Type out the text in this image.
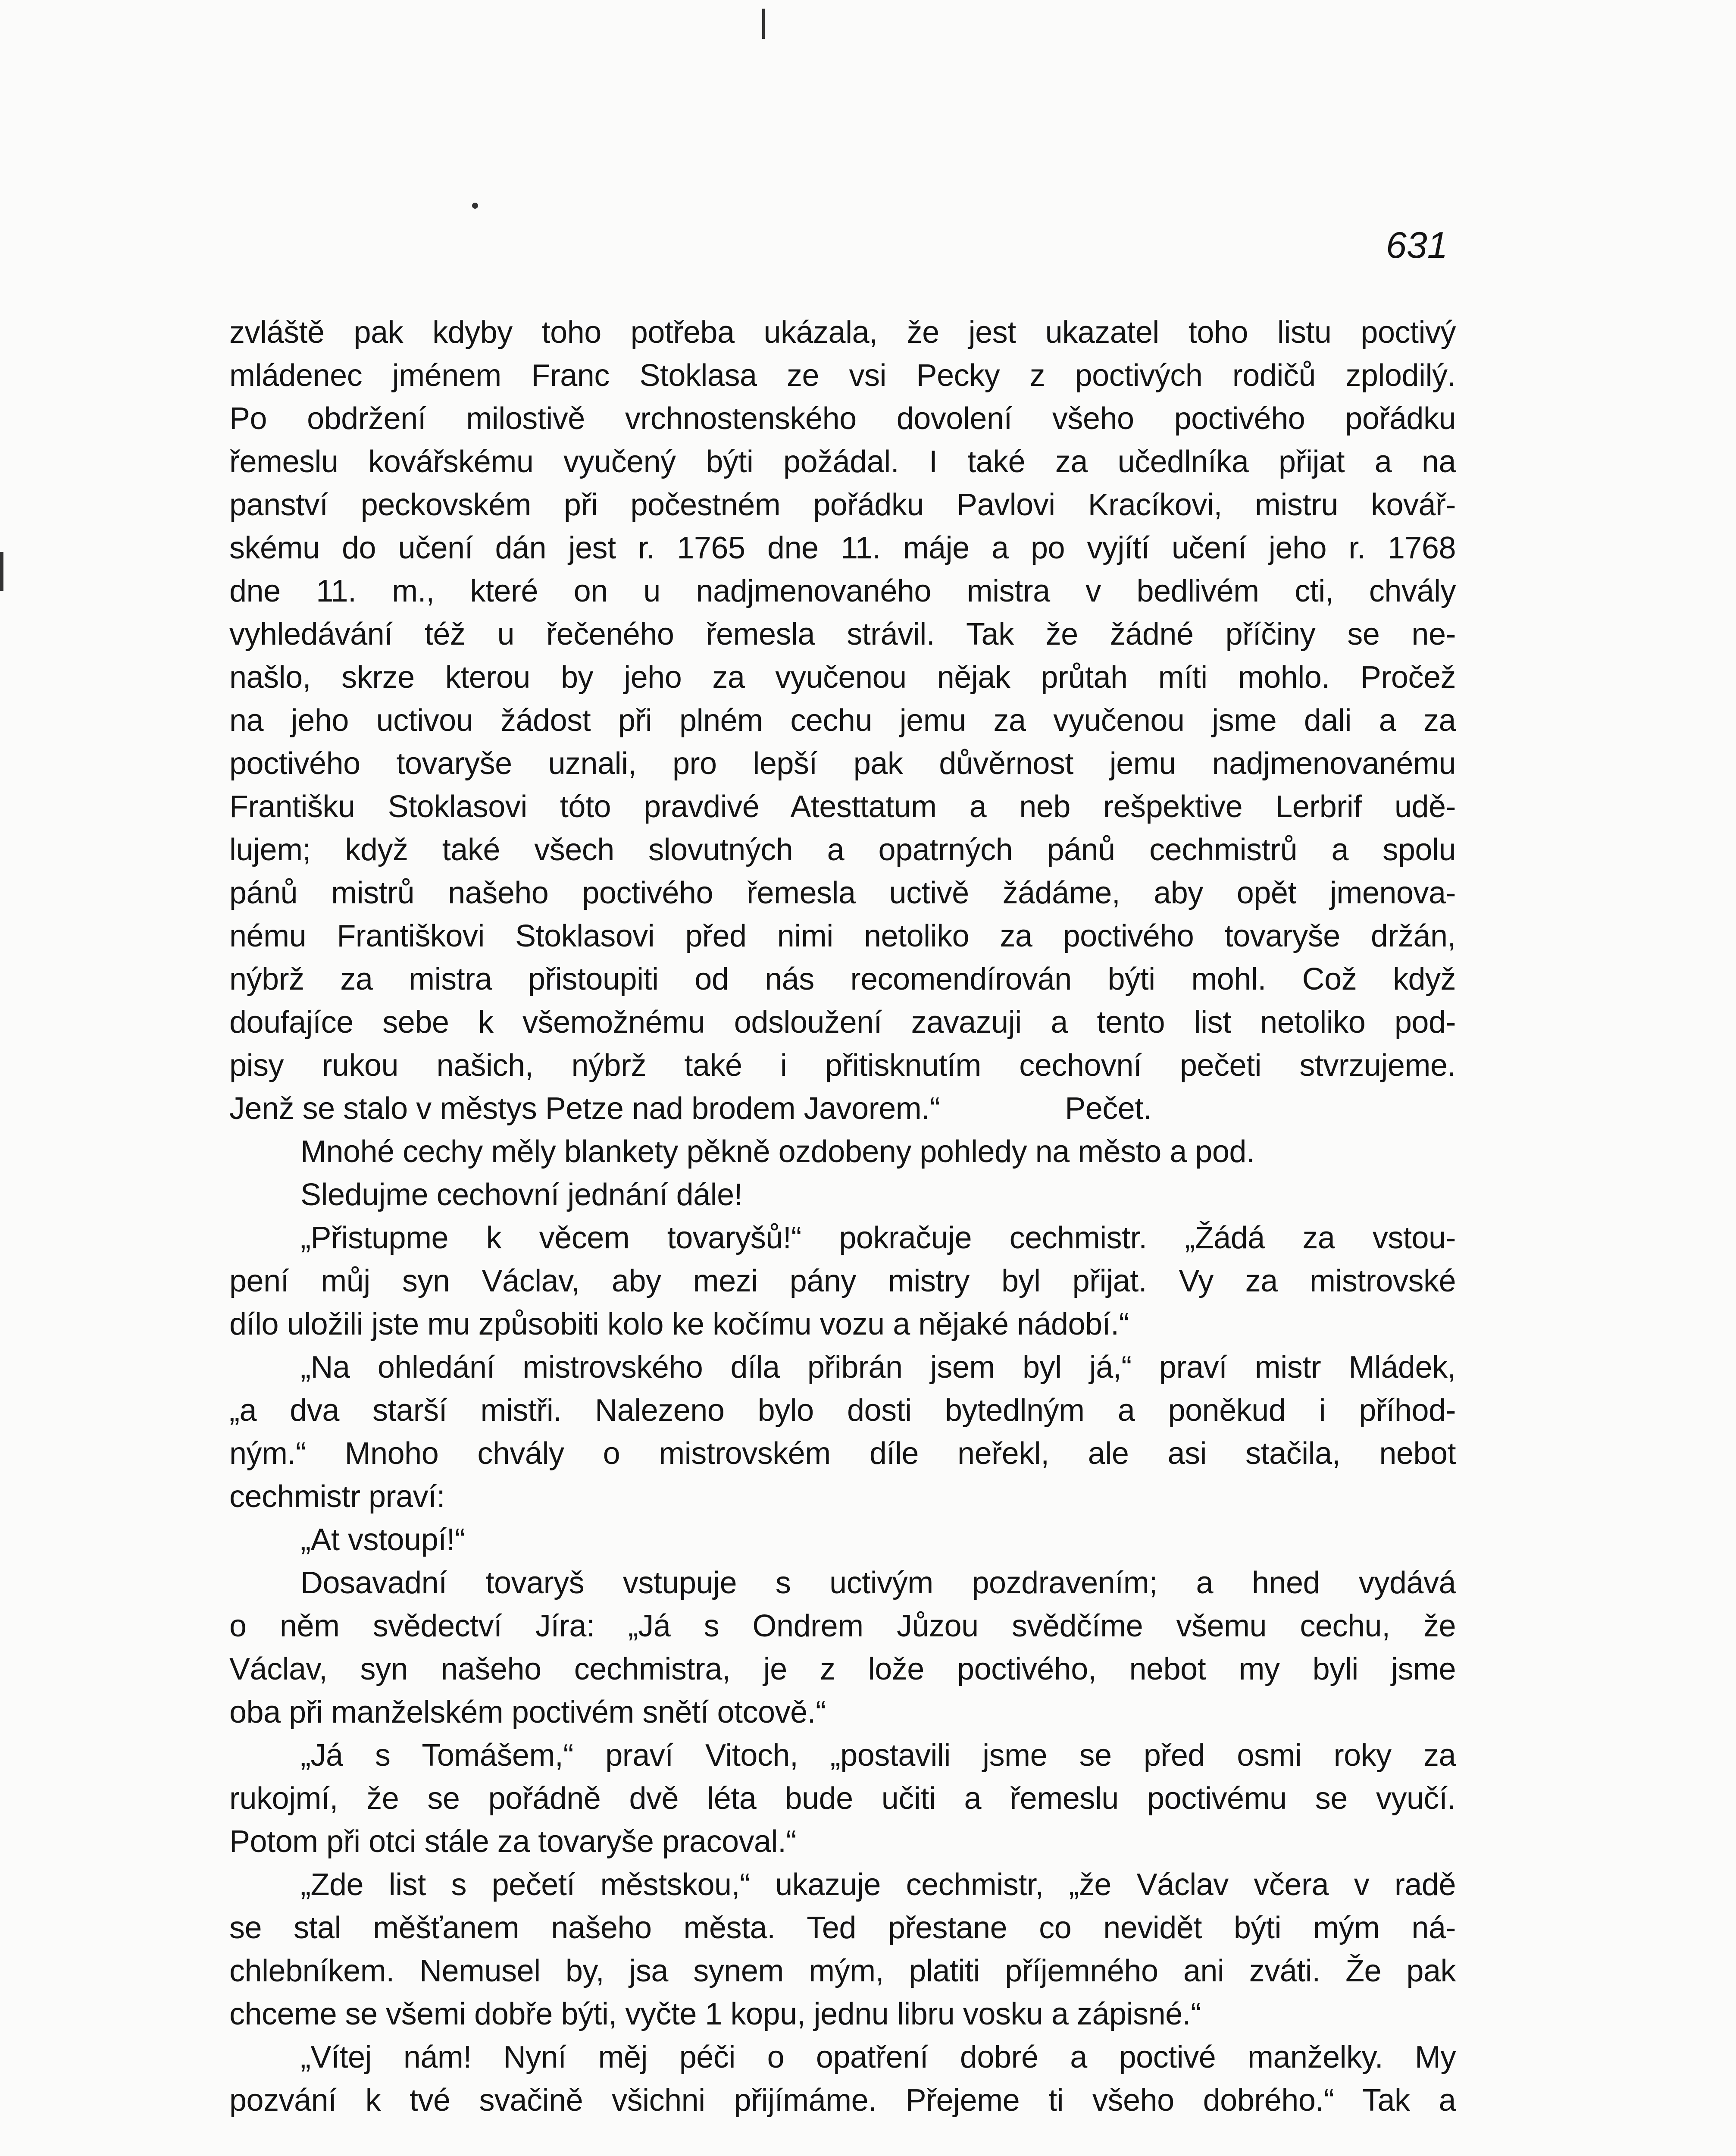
631
zvláště pak kdyby toho potřeba ukázala, že jest ukazatel toho listu poctivý
mládenec jménem Franc Stoklasa ze vsi Pecky z poctivých rodičů zplodilý.
Po obdržení milostivě vrchnostenského dovolení všeho poctivého pořádku
řemeslu kovářskému vyučený býti požádal. I také za učedlníka přijat a na
panství peckovském při počestném pořádku Pavlovi Kracíkovi, mistru kovář-
skému do učení dán jest r. 1765 dne 11. máje a po vyjítí učení jeho r. 1768
dne 11. m., které on u nadjmenovaného mistra v bedlivém cti, chvály
vyhledávání též u řečeného řemesla strávil. Tak že žádné příčiny se ne-
našlo, skrze kterou by jeho za vyučenou nějak průtah míti mohlo. Pročež
na jeho uctivou žádost při plném cechu jemu za vyučenou jsme dali a za
poctivého tovaryše uznali, pro lepší pak důvěrnost jemu nadjmenovanému
Františku Stoklasovi tóto pravdivé Atesttatum a neb rešpektive Lerbrif udě-
lujem; když také všech slovutných a opatrných pánů cechmistrů a spolu
pánů mistrů našeho poctivého řemesla uctivě žádáme, aby opět jmenova-
nému Františkovi Stoklasovi před nimi netoliko za poctivého tovaryše držán,
nýbrž za mistra přistoupiti od nás recomendírován býti mohl. Což když
doufajíce sebe k všemožnému odsloužení zavazuji a tento list netoliko pod-
pisy rukou našich, nýbrž také i přitisknutím cechovní pečeti stvrzujeme.
Jenž se stalo v městys Petze nad brodem Javorem.“	Pečet.
Mnohé cechy měly blankety pěkně ozdobeny pohledy na město a pod.
Sledujme cechovní jednání dále!
„Přistupme k věcem tovaryšů!“ pokračuje cechmistr. „Žádá za vstou-
pení můj syn Václav, aby mezi pány mistry byl přijat. Vy za mistrovské
dílo uložili jste mu způsobiti kolo ke kočímu vozu a nějaké nádobí.“
„Na ohledání mistrovského díla přibrán jsem byl já,“ praví mistr Mládek,
„a dva starší mistři. Nalezeno bylo dosti bytedlným a poněkud i příhod-
ným.“ Mnoho chvály o mistrovském díle neřekl, ale asi stačila, nebot
cechmistr praví:
„At vstoupí!“
Dosavadní tovaryš vstupuje s uctivým pozdravením; a hned vydává
o něm svědectví Jíra: „Já s Ondrem Jůzou svědčíme všemu cechu, že
Václav, syn našeho cechmistra, je z lože poctivého, nebot my byli jsme
oba při manželském poctivém snětí otcově.“
„Já s Tomášem,“ praví Vitoch, „postavili jsme se před osmi roky za
rukojmí, že se pořádně dvě léta bude učiti a řemeslu poctivému se vyučí.
Potom při otci stále za tovaryše pracoval.“
„Zde list s pečetí městskou,“ ukazuje cechmistr, „že Václav včera v radě
se stal měšťanem našeho města. Ted přestane co nevidět býti mým ná-
chlebníkem. Nemusel by, jsa synem mým, platiti příjemného ani zváti. Že pak
chceme se všemi dobře býti, vyčte 1 kopu, jednu libru vosku a zápisné.“
„Vítej nám! Nyní měj péči o opatření dobré a poctivé manželky. My
pozvání k tvé svačině všichni přijímáme. Přejeme ti všeho dobrého.“ Tak a
